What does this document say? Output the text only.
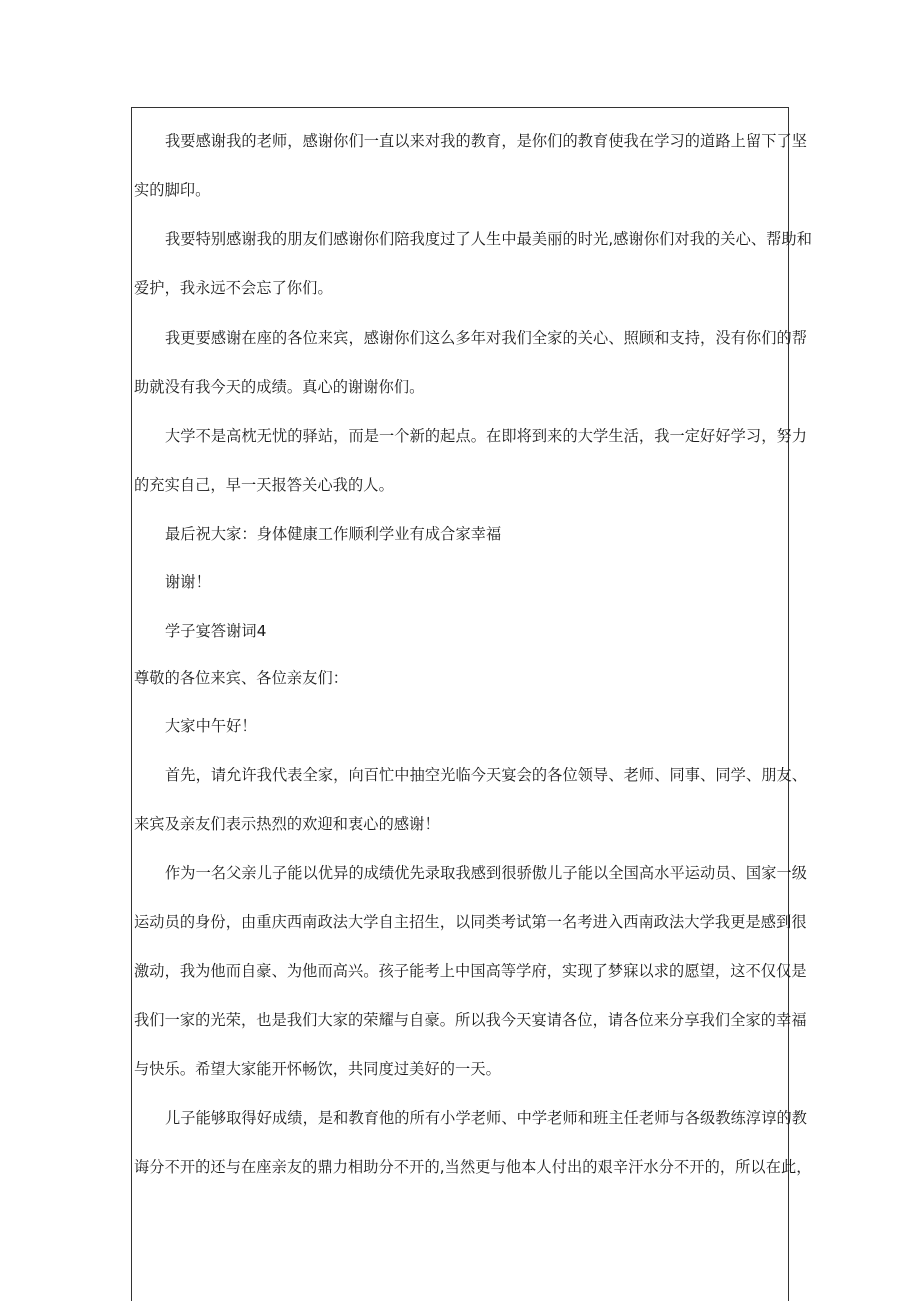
我要感谢我的老师，感谢你们一直以来对我的教育，是你们的教育使我在学习的道路上留下了坚
实的脚印。
我要特别感谢我的朋友们感谢你们陪我度过了人生中最美丽的时光,感谢你们对我的关心、帮助和
爱护，我永远不会忘了你们。
我更要感谢在座的各位来宾，感谢你们这么多年对我们全家的关心、照顾和支持，没有你们的帮
助就没有我今天的成绩。真心的谢谢你们。
大学不是高枕无忧的驿站，而是一个新的起点。在即将到来的大学生活，我一定好好学习，努力
的充实自己，早一天报答关心我的人。
最后祝大家：身体健康工作顺利学业有成合家幸福
谢谢！
学子宴答谢词4
尊敬的各位来宾、各位亲友们：
大家中午好！
首先，请允许我代表全家，向百忙中抽空光临今天宴会的各位领导、老师、同事、同学、朋友、
来宾及亲友们表示热烈的欢迎和衷心的感谢！
作为一名父亲儿子能以优异的成绩优先录取我感到很骄傲儿子能以全国高水平运动员、国家一级
运动员的身份，由重庆西南政法大学自主招生，以同类考试第一名考进入西南政法大学我更是感到很
激动，我为他而自豪、为他而高兴。孩子能考上中国高等学府，实现了梦寐以求的愿望，这不仅仅是
我们一家的光荣，也是我们大家的荣耀与自豪。所以我今天宴请各位，请各位来分享我们全家的幸福
与快乐。希望大家能开怀畅饮，共同度过美好的一天。
儿子能够取得好成绩，是和教育他的所有小学老师、中学老师和班主任老师与各级教练淳谆的教
诲分不开的还与在座亲友的鼎力相助分不开的,当然更与他本人付出的艰辛汗水分不开的，所以在此，
